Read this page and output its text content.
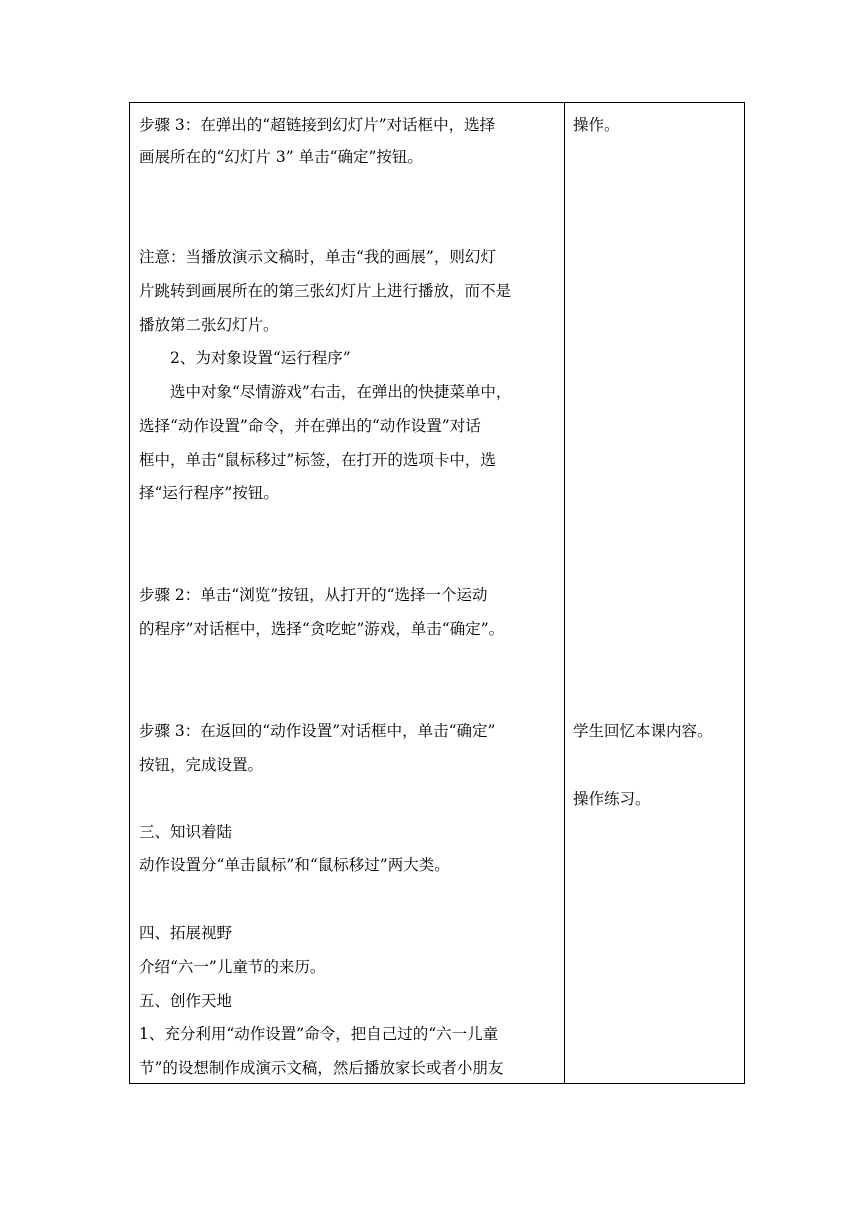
步骤 3：在弹出的“超链接到幻灯片”对话框中，选择
画展所在的“幻灯片 3” 单击“确定”按钮。
注意：当播放演示文稿时，单击“我的画展”，则幻灯
片跳转到画展所在的第三张幻灯片上进行播放，而不是
播放第二张幻灯片。
2、为对象设置“运行程序”
选中对象“尽情游戏”右击，在弹出的快捷菜单中，
选择“动作设置”命令，并在弹出的“动作设置”对话
框中，单击“鼠标移过”标签，在打开的选项卡中，选
择“运行程序”按钮。
步骤 2：单击“浏览”按钮，从打开的“选择一个运动
的程序”对话框中，选择“贪吃蛇”游戏，单击“确定”。
步骤 3：在返回的“动作设置”对话框中，单击“确定”
按钮，完成设置。
三、知识着陆
动作设置分“单击鼠标”和“鼠标移过”两大类。
四、拓展视野
介绍“六一”儿童节的来历。
五、创作天地
1、充分利用“动作设置”命令，把自己过的“六一儿童
节”的设想制作成演示文稿，然后播放家长或者小朋友
操作。
学生回忆本课内容。
操作练习。
